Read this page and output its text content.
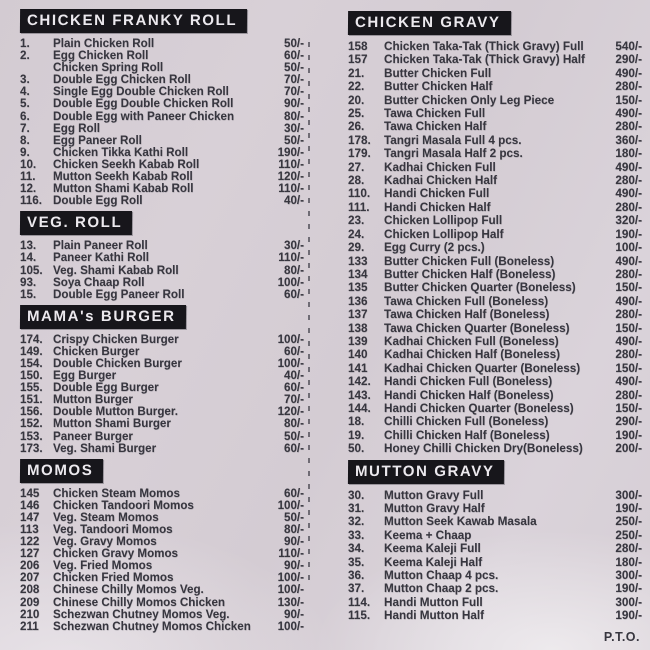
CHICKEN FRANKY ROLL
1.	Plain Chicken Roll	50/-
2.	Egg Chicken Roll	60/-
Chicken Spring Roll	50/-
3.	Double Egg Chicken Roll	70/-
4.	Single Egg Double Chicken Roll	70/-
5.	Double Egg Double Chicken Roll	90/-
6.	Double Egg with Paneer Chicken	80/-
7.	Egg Roll	30/-
8.	Egg Paneer Roll	50/-
9.	Chicken Tikka Kathi Roll	190/-
10.	Chicken Seekh Kabab Roll	110/-
11.	Mutton Seekh Kabab Roll	120/-
12.	Mutton Shami Kabab Roll	110/-
116. Double Egg Roll	40/-
VEG. ROLL
13.	Plain Paneer Roll	30/-
14.	Paneer Kathi Roll	110/-
105. Veg. Shami Kabab Roll	80/-
93.	Soya Chaap Roll	100/-
15.	Double Egg Paneer Roll	60/-
MAMA's BURGER
174. Crispy Chicken Burger	100/-
149. Chicken Burger	60/-
154. Double Chicken Burger	100/-
150. Egg Burger	40/-
155. Double Egg Burger	60/-
151. Mutton Burger	70/-
156. Double Mutton Burger.	120/-
152. Mutton Shami Burger	80/-
153. Paneer Burger	50/-
173. Veg. Shami Burger	60/-
MOMOS
145	Chicken Steam Momos	60/-
146	Chicken Tandoori Momos	100/-
147	Veg. Steam Momos	50/-
113	Veg. Tandoori Momos	80/-
122	Veg. Gravy Momos	90/-
127	Chicken Gravy Momos	110/-
206	Veg. Fried Momos	90/-
207	Chicken Fried Momos	100/-
208	Chinese Chilly Momos Veg.	100/-
209	Chinese Chilly Momos Chicken	130/-
210	Schezwan Chutney Momos Veg.	90/-
211	Schezwan Chutney Momos Chicken	100/-
CHICKEN GRAVY
158	Chicken Taka-Tak (Thick Gravy) Full	540/-
157	Chicken Taka-Tak (Thick Gravy) Half	290/-
21.	Butter Chicken Full	490/-
22.	Butter Chicken Half	280/-
20.	Butter Chicken Only Leg Piece	150/-
25.	Tawa Chicken Full	490/-
26.	Tawa Chicken Half	280/-
178.	Tangri Masala Full 4 pcs.	360/-
179.	Tangri Masala Half 2 pcs.	180/-
27.	Kadhai Chicken Full	490/-
28.	Kadhai Chicken Half	280/-
110.	Handi Chicken Full	490/-
111.	Handi Chicken Half	280/-
23.	Chicken Lollipop Full	320/-
24.	Chicken Lollipop Half	190/-
29.	Egg Curry (2 pcs.)	100/-
133	Butter Chicken Full (Boneless)	490/-
134	Butter Chicken Half (Boneless)	280/-
135	Butter Chicken Quarter (Boneless)	150/-
136	Tawa Chicken Full (Boneless)	490/-
137	Tawa Chicken Half (Boneless)	280/-
138	Tawa Chicken Quarter (Boneless)	150/-
139	Kadhai Chicken Full (Boneless)	490/-
140	Kadhai Chicken Half (Boneless)	280/-
141	Kadhai Chicken Quarter (Boneless)	150/-
142.	Handi Chicken Full (Boneless)	490/-
143.	Handi Chicken Half (Boneless)	280/-
144.	Handi Chicken Quarter (Boneless)	150/-
18.	Chilli Chicken Full (Boneless)	290/-
19.	Chilli Chicken Half (Boneless)	190/-
50.	Honey Chilli Chicken Dry(Boneless)	200/-
MUTTON GRAVY
30.	Mutton Gravy Full	300/-
31.	Mutton Gravy Half	190/-
32.	Mutton Seek Kawab Masala	250/-
33.	Keema + Chaap	250/-
34.	Keema Kaleji Full	280/-
35.	Keema Kaleji Half	180/-
36.	Mutton Chaap 4 pcs.	300/-
37.	Mutton Chaap 2 pcs.	190/-
114.	Handi Mutton Full	300/-
115.	Handi Mutton Half	190/-
P.T.O.
